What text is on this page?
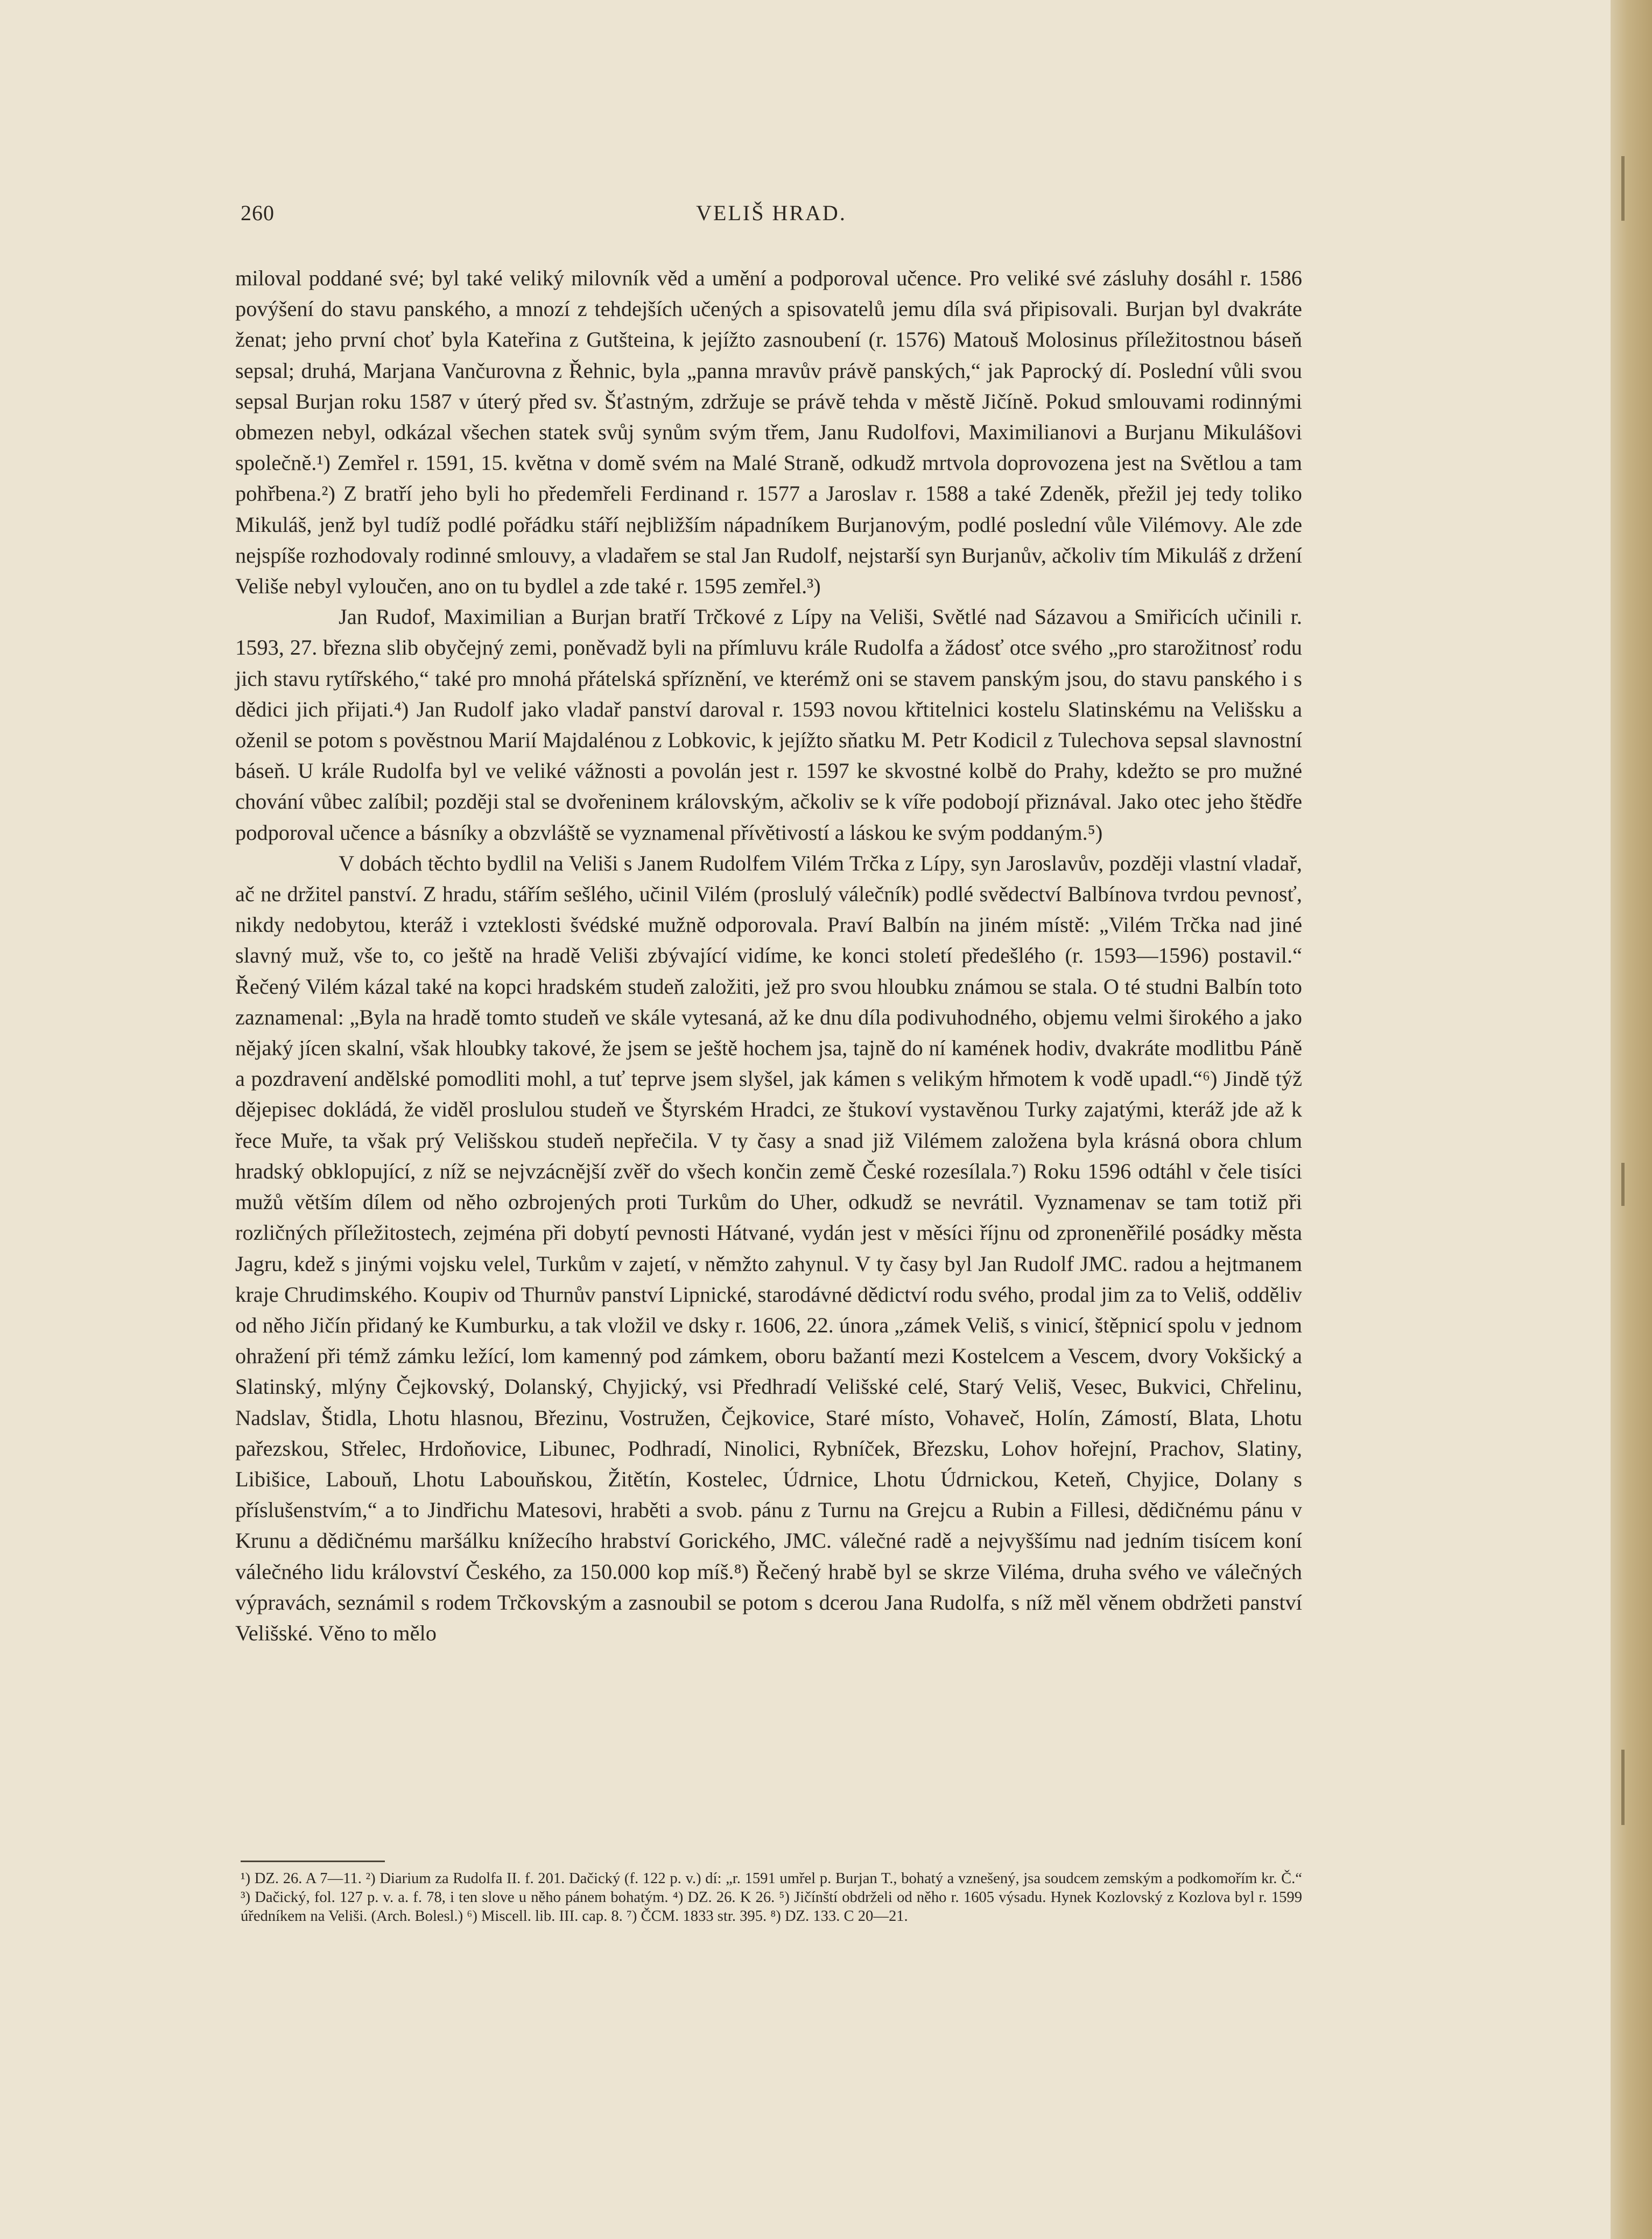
260	VELIŠ HRAD.

miloval poddané své; byl také veliký milovník věd a umění a podporoval učence. Pro veliké své zásluhy dosáhl r. 1586 povýšení do stavu panského, a mnozí z tehdejších učených a spisovatelů jemu díla svá připisovali. Burjan byl dvakráte ženat; jeho první choť byla Kateřina z Gutšteina, k jejížto zasnoubení (r. 1576) Matouš Molosinus příležitostnou báseň sepsal; druhá, Marjana Vančurovna z Řehnic, byla „panna mravův právě panských,“ jak Paprocký dí. Poslední vůli svou sepsal Burjan roku 1587 v úterý před sv. Šťastným, zdržuje se právě tehda v městě Jičíně. Pokud smlouvami rodinnými obmezen nebyl, odkázal všechen statek svůj synům svým třem, Janu Rudolfovi, Maximilianovi a Burjanu Mikulášovi společně.¹) Zemřel r. 1591, 15. května v domě svém na Malé Straně, odkudž mrtvola doprovozena jest na Světlou a tam pohřbena.²) Z bratří jeho byli ho předemřeli Ferdinand r. 1577 a Jaroslav r. 1588 a také Zdeněk, přežil jej tedy toliko Mikuláš, jenž byl tudíž podlé pořádku stáří nejbližším nápadníkem Burjanovým, podlé poslední vůle Vilémovy. Ale zde nejspíše rozhodovaly rodinné smlouvy, a vladařem se stal Jan Rudolf, nejstarší syn Burjanův, ačkoliv tím Mikuláš z držení Veliše nebyl vyloučen, ano on tu bydlel a zde také r. 1595 zemřel.³)

Jan Rudof, Maximilian a Burjan bratří Trčkové z Lípy na Veliši, Světlé nad Sázavou a Smiřicích učinili r. 1593, 27. března slib obyčejný zemi, poněvadž byli na přímluvu krále Rudolfa a žádosť otce svého „pro starožitnosť rodu jich stavu rytířského,“ také pro mnohá přátelská spříznění, ve kterémž oni se stavem panským jsou, do stavu panského i s dědici jich přijati.⁴) Jan Rudolf jako vladař panství daroval r. 1593 novou křtitelnici kostelu Slatinskému na Velišsku a oženil se potom s pověstnou Marií Majdalénou z Lobkovic, k jejížto sňatku M. Petr Kodicil z Tulechova sepsal slavnostní báseň. U krále Rudolfa byl ve veliké vážnosti a povolán jest r. 1597 ke skvostné kolbě do Prahy, kdežto se pro mužné chování vůbec zalíbil; později stal se dvořeninem královským, ačkoliv se k víře podobojí přiznával. Jako otec jeho štědře podporoval učence a básníky a obzvláště se vyznamenal přívětivostí a láskou ke svým poddaným.⁵)

V dobách těchto bydlil na Veliši s Janem Rudolfem Vilém Trčka z Lípy, syn Jaroslavův, později vlastní vladař, ač ne držitel panství. Z hradu, stářím sešlého, učinil Vilém (proslulý válečník) podlé svědectví Balbínova tvrdou pevnosť, nikdy nedobytou, kteráž i vzteklosti švédské mužně odporovala. Praví Balbín na jiném místě: „Vilém Trčka nad jiné slavný muž, vše to, co ještě na hradě Veliši zbývající vidíme, ke konci století předešlého (r. 1593—1596) postavil.“ Řečený Vilém kázal také na kopci hradském studeň založiti, jež pro svou hloubku známou se stala. O té studni Balbín toto zaznamenal: „Byla na hradě tomto studeň ve skále vytesaná, až ke dnu díla podivuhodného, objemu velmi širokého a jako nějaký jícen skalní, však hloubky takové, že jsem se ještě hochem jsa, tajně do ní kamének hodiv, dvakráte modlitbu Páně a pozdravení andělské pomodliti mohl, a tuť teprve jsem slyšel, jak kámen s velikým hřmotem k vodě upadl.“⁶) Jindě týž dějepisec dokládá, že viděl proslulou studeň ve Štyrském Hradci, ze štukoví vystavěnou Turky zajatými, kteráž jde až k řece Muře, ta však prý Velišskou studeň nepřečila. V ty časy a snad již Vilémem založena byla krásná obora chlum hradský obklopující, z níž se nejvzácnější zvěř do všech končin země České rozesílala.⁷) Roku 1596 odtáhl v čele tisíci mužů větším dílem od něho ozbrojených proti Turkům do Uher, odkudž se nevrátil. Vyznamenav se tam totiž při rozličných příležitostech, zejména při dobytí pevnosti Hátvané, vydán jest v měsíci říjnu od zproneněřilé posádky města Jagru, kdež s jinými vojsku velel, Turkům v zajetí, v němžto zahynul. V ty časy byl Jan Rudolf JMC. radou a hejtmanem kraje Chrudimského. Koupiv od Thurnův panství Lipnické, starodávné dědictví rodu svého, prodal jim za to Veliš, odděliv od něho Jičín přidaný ke Kumburku, a tak vložil ve dsky r. 1606, 22. února „zámek Veliš, s vinicí, štěpnicí spolu v jednom ohražení při témž zámku ležící, lom kamenný pod zámkem, oboru bažantí mezi Kostelcem a Vescem, dvory Vokšický a Slatinský, mlýny Čejkovský, Dolanský, Chyjický, vsi Předhradí Velišské celé, Starý Veliš, Vesec, Bukvici, Chřelinu, Nadslav, Štidla, Lhotu hlasnou, Březinu, Vostružen, Čejkovice, Staré místo, Vohaveč, Holín, Zámostí, Blata, Lhotu pařezskou, Střelec, Hrdoňovice, Libunec, Podhradí, Ninolici, Rybníček, Březsku, Lohov hořejní, Prachov, Slatiny, Libišice, Labouň, Lhotu Labouňskou, Žitětín, Kostelec, Údrnice, Lhotu Údrnickou, Keteň, Chyjice, Dolany s příslušenstvím,“ a to Jindřichu Matesovi, hraběti a svob. pánu z Turnu na Grejcu a Rubin a Fillesi, dědičnému pánu v Krunu a dědičnému maršálku knížecího hrabství Gorického, JMC. válečné radě a nejvyššímu nad jedním tisícem koní válečného lidu království Českého, za 150.000 kop míš.⁸) Řečený hrabě byl se skrze Viléma, druha svého ve válečných výpravách, seznámil s rodem Trčkovským a zasnoubil se potom s dcerou Jana Rudolfa, s níž měl věnem obdržeti panství Velišské. Věno to mělo

¹) DZ. 26. A 7—11. ²) Diarium za Rudolfa II. f. 201. Dačický (f. 122 p. v.) dí: „r. 1591 umřel p. Burjan T., bohatý a vznešený, jsa soudcem zemským a podkomořím kr. Č.“ ³) Dačický, fol. 127 p. v. a. f. 78, i ten slove u něho pánem bohatým. ⁴) DZ. 26. K 26. ⁵) Jičínští obdrželi od něho r. 1605 výsadu. Hynek Kozlovský z Kozlova byl r. 1599 úředníkem na Veliši. (Arch. Bolesl.) ⁶) Miscell. lib. III. cap. 8. ⁷) ČCM. 1833 str. 395. ⁸) DZ. 133. C 20—21.
